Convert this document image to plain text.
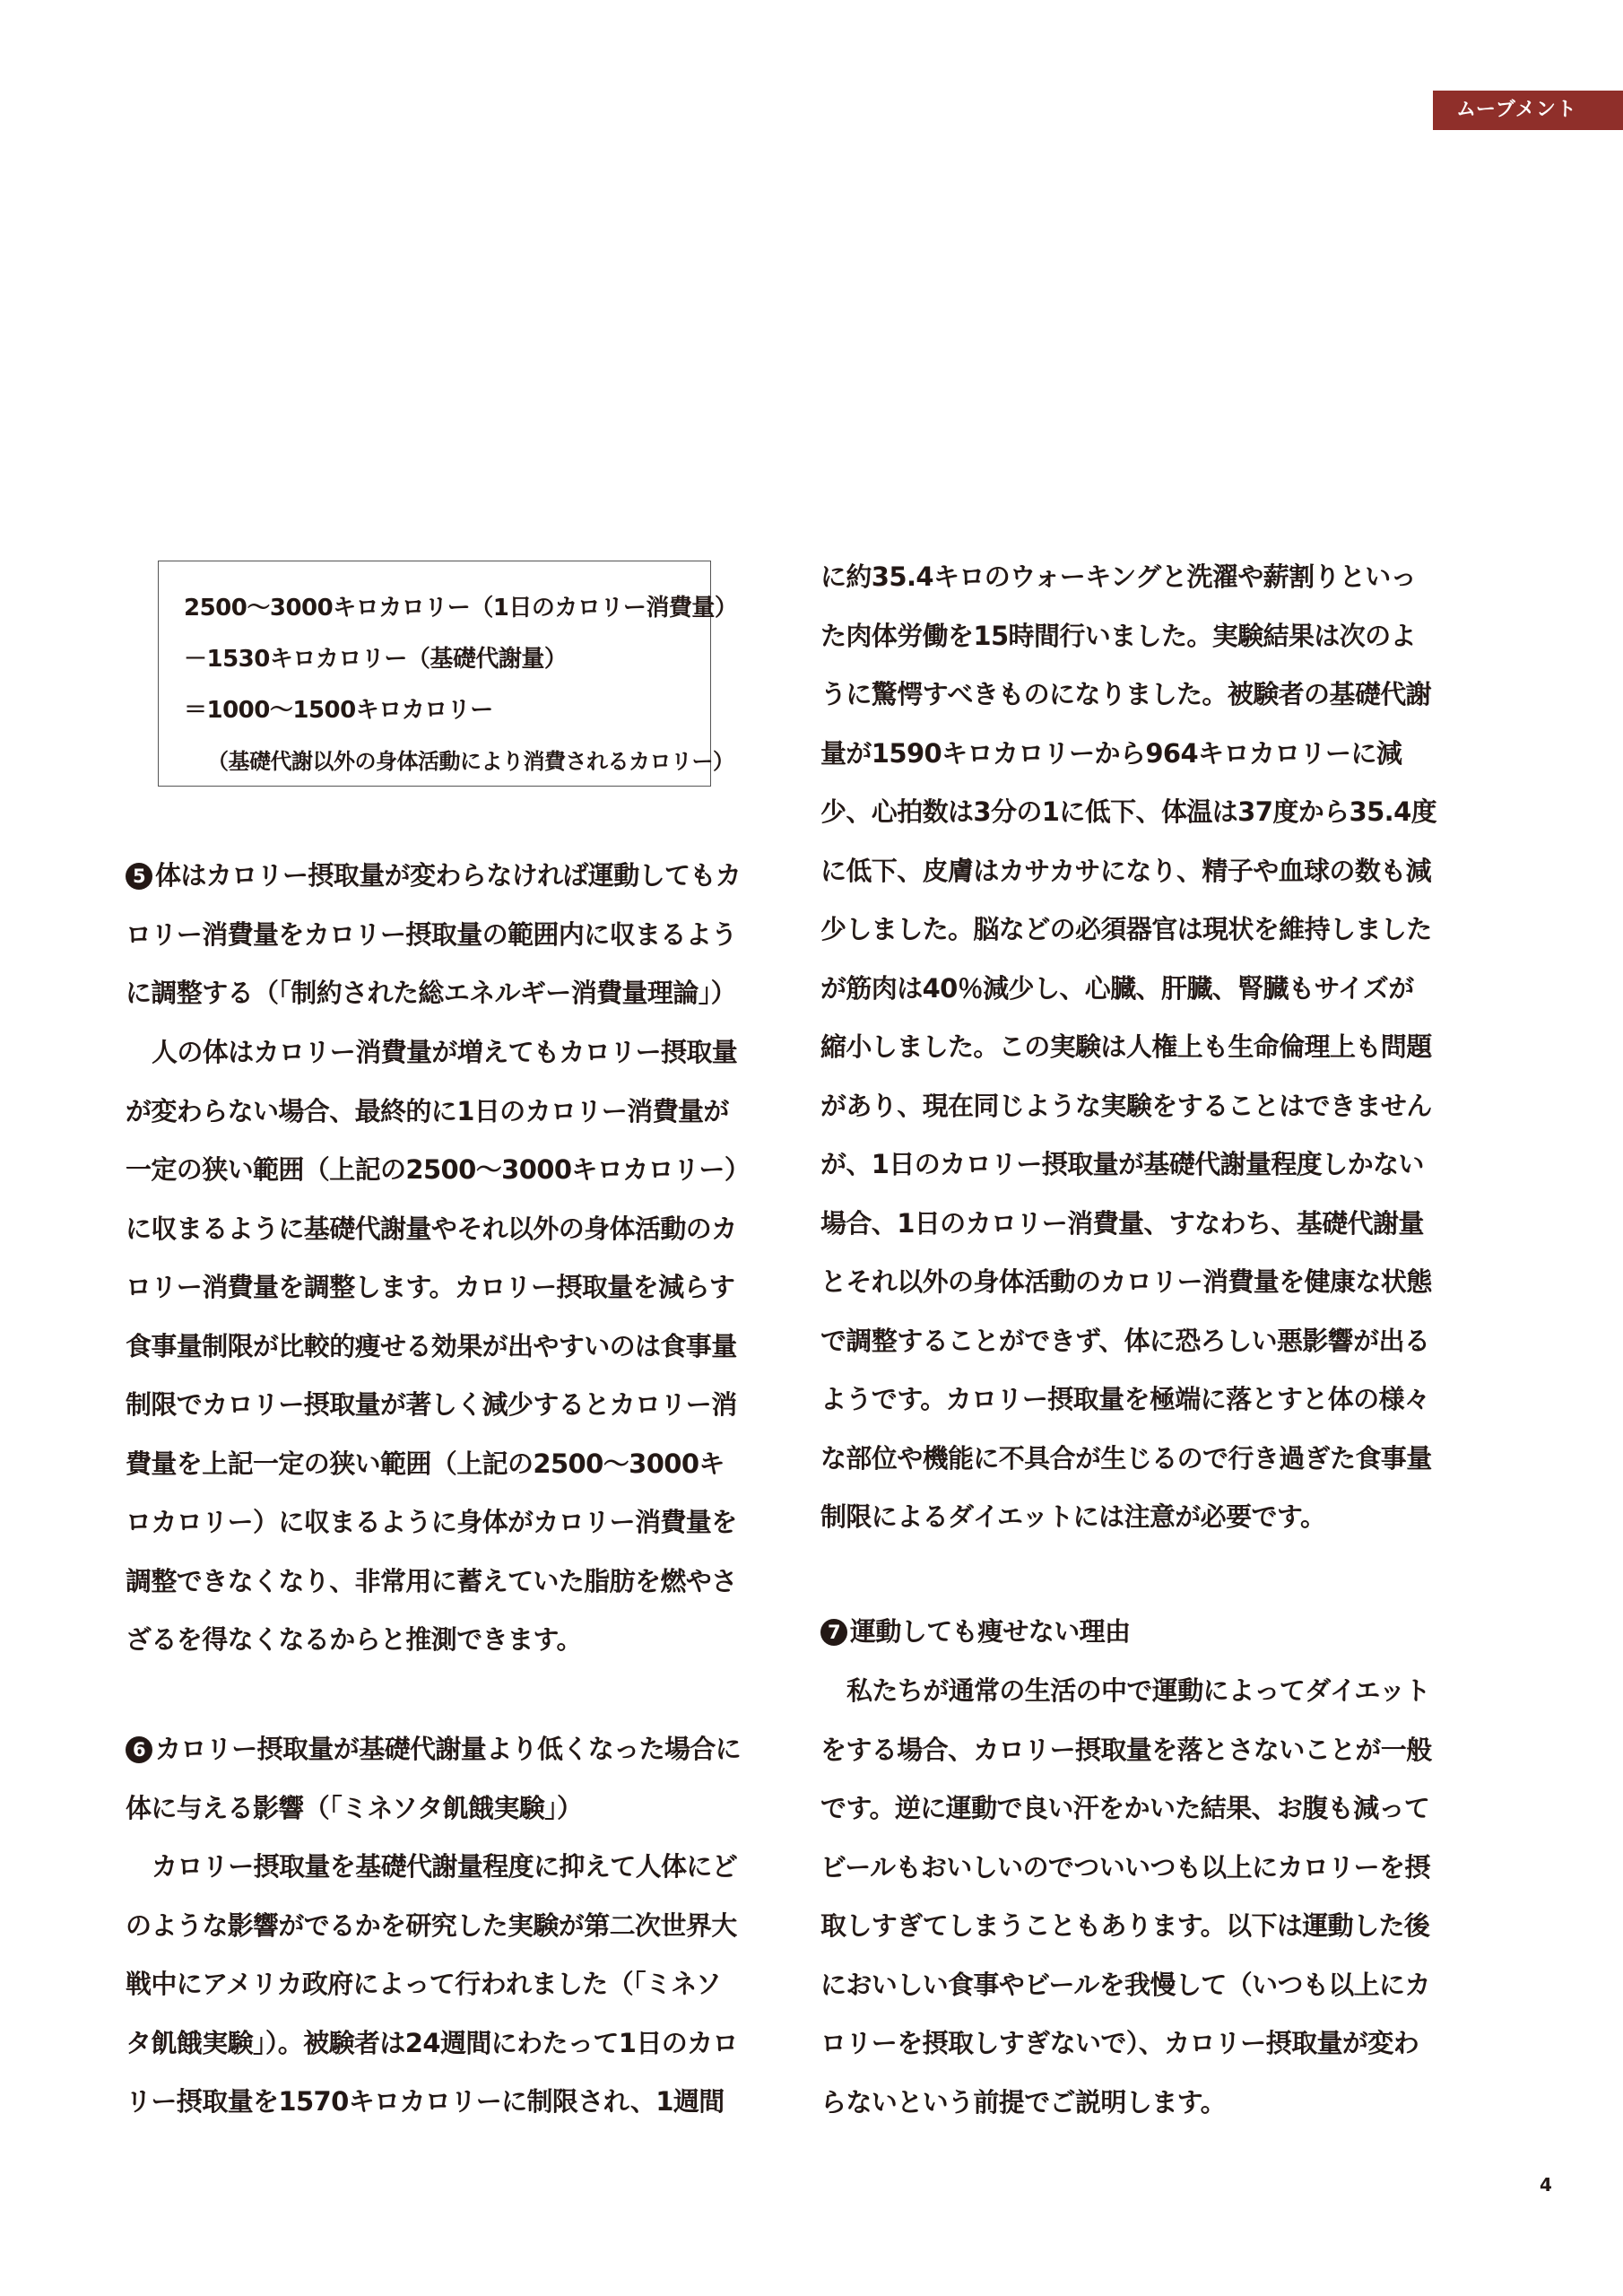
ムーブメント
2500～3000キロカロリー（1日のカロリー消費量）
－1530キロカロリー（基礎代謝量）
＝1000～1500キロカロリー
（基礎代謝以外の身体活動により消費されるカロリー）

5 体はカロリー摂取量が変わらなければ運動してもカロリー消費量をカロリー摂取量の範囲内に収まるように調整する（「制約された総エネルギー消費量理論」）

人の体はカロリー消費量が増えてもカロリー摂取量が変わらない場合、最終的に1日のカロリー消費量が一定の狭い範囲（上記の2500～3000キロカロリー）に収まるように基礎代謝量やそれ以外の身体活動のカロリー消費量を調整します。カロリー摂取量を減らす食事量制限が比較的痩せる効果が出やすいのは食事量制限でカロリー摂取量が著しく減少するとカロリー消費量を上記一定の狭い範囲（上記の2500～3000キロカロリー）に収まるように身体がカロリー消費量を調整できなくなり、非常用に蓄えていた脂肪を燃やさざるを得なくなるからと推測できます。

6 カロリー摂取量が基礎代謝量より低くなった場合に体に与える影響（「ミネソタ飢餓実験」）

カロリー摂取量を基礎代謝量程度に抑えて人体にどのような影響がでるかを研究した実験が第二次世界大戦中にアメリカ政府によって行われました（「ミネソタ飢餓実験」）。被験者は24週間にわたって1日のカロリー摂取量を1570キロカロリーに制限され、1週間

に約35.4キロのウォーキングと洗濯や薪割りといった肉体労働を15時間行いました。実験結果は次のように驚愕すべきものになりました。被験者の基礎代謝量が1590キロカロリーから964キロカロリーに減少、心拍数は3分の1に低下、体温は37度から35.4度に低下、皮膚はカサカサになり、精子や血球の数も減少しました。脳などの必須器官は現状を維持しましたが筋肉は40％減少し、心臓、肝臓、腎臓もサイズが縮小しました。この実験は人権上も生命倫理上も問題があり、現在同じような実験をすることはできませんが、1日のカロリー摂取量が基礎代謝量程度しかない場合、1日のカロリー消費量、すなわち、基礎代謝量とそれ以外の身体活動のカロリー消費量を健康な状態で調整することができず、体に恐ろしい悪影響が出るようです。カロリー摂取量を極端に落とすと体の様々な部位や機能に不具合が生じるので行き過ぎた食事量制限によるダイエットには注意が必要です。

7 運動しても痩せない理由

私たちが通常の生活の中で運動によってダイエットをする場合、カロリー摂取量を落とさないことが一般です。逆に運動で良い汗をかいた結果、お腹も減ってビールもおいしいのでついいつも以上にカロリーを摂取しすぎてしまうこともあります。以下は運動した後においしい食事やビールを我慢して（いつも以上にカロリーを摂取しすぎないで）、カロリー摂取量が変わらないという前提でご説明します。

4
